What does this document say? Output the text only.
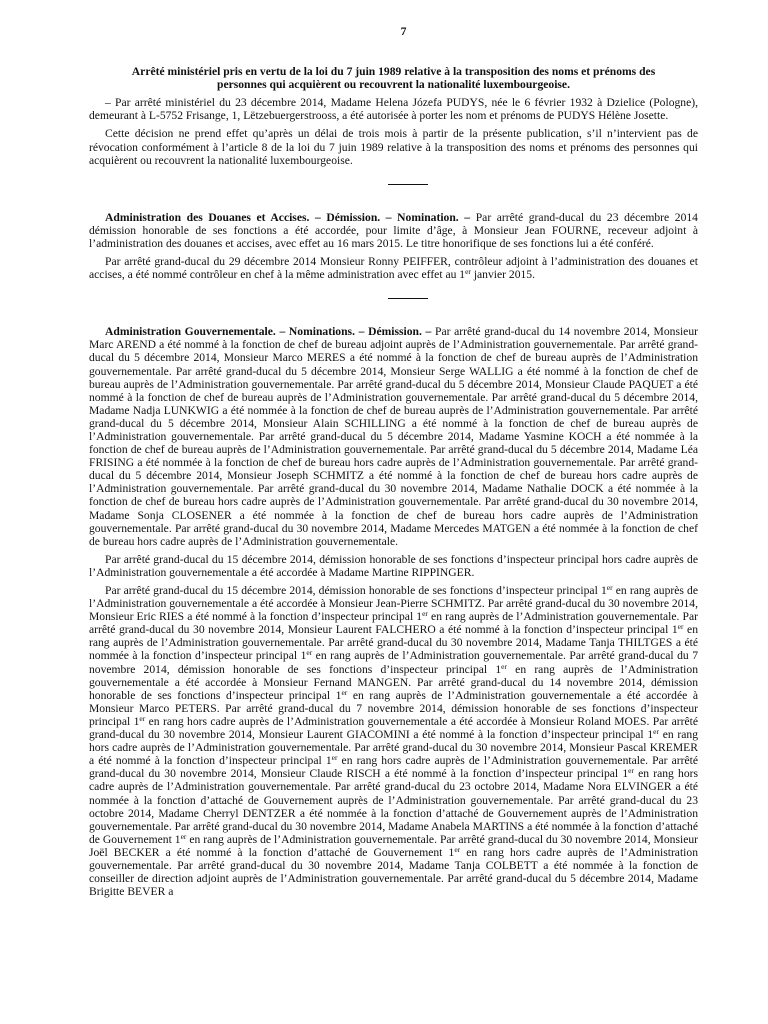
7
Arrêté ministériel pris en vertu de la loi du 7 juin 1989 relative à la transposition des noms et prénoms des personnes qui acquièrent ou recouvrent la nationalité luxembourgeoise.

– Par arrêté ministériel du 23 décembre 2014, Madame Helena Józefa PUDYS, née le 6 février 1932 à Dzielice (Pologne), demeurant à L-5752 Frisange, 1, Lëtzebuergerstrooss, a été autorisée à porter les nom et prénoms de PUDYS Hélène Josette.

Cette décision ne prend effet qu’après un délai de trois mois à partir de la présente publication, s’il n’intervient pas de révocation conformément à l’article 8 de la loi du 7 juin 1989 relative à la transposition des noms et prénoms des personnes qui acquièrent ou recouvrent la nationalité luxembourgeoise.

Administration des Douanes et Accises. – Démission. – Nomination. – Par arrêté grand-ducal du 23 décembre 2014 démission honorable de ses fonctions a été accordée, pour limite d’âge, à Monsieur Jean FOURNE, receveur adjoint à l’administration des douanes et accises, avec effet au 16 mars 2015. Le titre honorifique de ses fonctions lui a été conféré.

Par arrêté grand-ducal du 29 décembre 2014 Monsieur Ronny PEIFFER, contrôleur adjoint à l’administration des douanes et accises, a été nommé contrôleur en chef à la même administration avec effet au 1er janvier 2015.

Administration Gouvernementale. – Nominations. – Démission. – Par arrêté grand-ducal du 14 novembre 2014, Monsieur Marc AREND a été nommé à la fonction de chef de bureau adjoint auprès de l’Administration gouvernementale. Par arrêté grand-ducal du 5 décembre 2014, Monsieur Marco MERES a été nommé à la fonction de chef de bureau auprès de l’Administration gouvernementale. Par arrêté grand-ducal du 5 décembre 2014, Monsieur Serge WALLIG a été nommé à la fonction de chef de bureau auprès de l’Administration gouvernementale. Par arrêté grand-ducal du 5 décembre 2014, Monsieur Claude PAQUET a été nommé à la fonction de chef de bureau auprès de l’Administration gouvernementale. Par arrêté grand-ducal du 5 décembre 2014, Madame Nadja LUNKWIG a été nommée à la fonction de chef de bureau auprès de l’Administration gouvernementale. Par arrêté grand-ducal du 5 décembre 2014, Monsieur Alain SCHILLING a été nommé à la fonction de chef de bureau auprès de l’Administration gouvernementale. Par arrêté grand-ducal du 5 décembre 2014, Madame Yasmine KOCH a été nommée à la fonction de chef de bureau auprès de l’Administration gouvernementale. Par arrêté grand-ducal du 5 décembre 2014, Madame Léa FRISING a été nommée à la fonction de chef de bureau hors cadre auprès de l’Administration gouvernementale. Par arrêté grand-ducal du 5 décembre 2014, Monsieur Joseph SCHMITZ a été nommé à la fonction de chef de bureau hors cadre auprès de l’Administration gouvernementale. Par arrêté grand-ducal du 30 novembre 2014, Madame Nathalie DOCK a été nommée à la fonction de chef de bureau hors cadre auprès de l’Administration gouvernementale. Par arrêté grand-ducal du 30 novembre 2014, Madame Sonja CLOSENER a été nommée à la fonction de chef de bureau hors cadre auprès de l’Administration gouvernementale. Par arrêté grand-ducal du 30 novembre 2014, Madame Mercedes MATGEN a été nommée à la fonction de chef de bureau hors cadre auprès de l’Administration gouvernementale.

Par arrêté grand-ducal du 15 décembre 2014, démission honorable de ses fonctions d’inspecteur principal hors cadre auprès de l’Administration gouvernementale a été accordée à Madame Martine RIPPINGER.

Par arrêté grand-ducal du 15 décembre 2014, démission honorable de ses fonctions d’inspecteur principal 1er en rang auprès de l’Administration gouvernementale a été accordée à Monsieur Jean-Pierre SCHMITZ. Par arrêté grand-ducal du 30 novembre 2014, Monsieur Eric RIES a été nommé à la fonction d’inspecteur principal 1er en rang auprès de l’Administration gouvernementale. Par arrêté grand-ducal du 30 novembre 2014, Monsieur Laurent FALCHERO a été nommé à la fonction d’inspecteur principal 1er en rang auprès de l’Administration gouvernementale. Par arrêté grand-ducal du 30 novembre 2014, Madame Tanja THILTGES a été nommée à la fonction d’inspecteur principal 1er en rang auprès de l’Administration gouvernementale. Par arrêté grand-ducal du 7 novembre 2014, démission honorable de ses fonctions d’inspecteur principal 1er en rang auprès de l’Administration gouvernementale a été accordée à Monsieur Fernand MANGEN. Par arrêté grand-ducal du 14 novembre 2014, démission honorable de ses fonctions d’inspecteur principal 1er en rang auprès de l’Administration gouvernementale a été accordée à Monsieur Marco PETERS. Par arrêté grand-ducal du 7 novembre 2014, démission honorable de ses fonctions d’inspecteur principal 1er en rang hors cadre auprès de l’Administration gouvernementale a été accordée à Monsieur Roland MOES. Par arrêté grand-ducal du 30 novembre 2014, Monsieur Laurent GIACOMINI a été nommé à la fonction d’inspecteur principal 1er en rang hors cadre auprès de l’Administration gouvernementale. Par arrêté grand-ducal du 30 novembre 2014, Monsieur Pascal KREMER a été nommé à la fonction d’inspecteur principal 1er en rang hors cadre auprès de l’Administration gouvernementale. Par arrêté grand-ducal du 30 novembre 2014, Monsieur Claude RISCH a été nommé à la fonction d’inspecteur principal 1er en rang hors cadre auprès de l’Administration gouvernementale. Par arrêté grand-ducal du 23 octobre 2014, Madame Nora ELVINGER a été nommée à la fonction d’attaché de Gouvernement auprès de l’Administration gouvernementale. Par arrêté grand-ducal du 23 octobre 2014, Madame Cherryl DENTZER a été nommée à la fonction d’attaché de Gouvernement auprès de l’Administration gouvernementale. Par arrêté grand-ducal du 30 novembre 2014, Madame Anabela MARTINS a été nommée à la fonction d’attaché de Gouvernement 1er en rang auprès de l’Administration gouvernementale. Par arrêté grand-ducal du 30 novembre 2014, Monsieur Joël BECKER a été nommé à la fonction d’attaché de Gouvernement 1er en rang hors cadre auprès de l’Administration gouvernementale. Par arrêté grand-ducal du 30 novembre 2014, Madame Tanja COLBETT a été nommée à la fonction de conseiller de direction adjoint auprès de l’Administration gouvernementale. Par arrêté grand-ducal du 5 décembre 2014, Madame Brigitte BEVER a
